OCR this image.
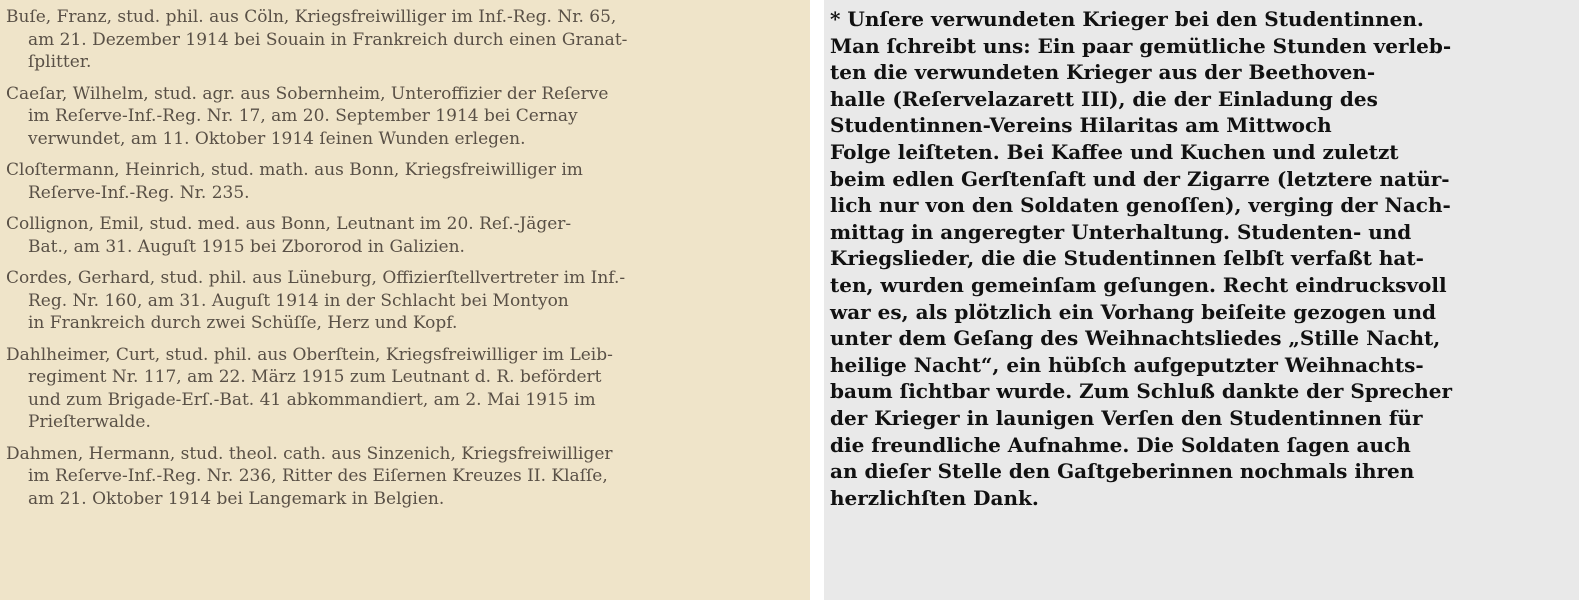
Buſe, Franz, stud. phil. aus Cöln, Kriegsfreiwilliger im Inf.-Reg. Nr. 65,
am 21. Dezember 1914 bei Souain in Frankreich durch einen Granat-
ſplitter.
Caeſar, Wilhelm, stud. agr. aus Sobernheim, Unteroffizier der Reſerve
im Reſerve-Inf.-Reg. Nr. 17, am 20. September 1914 bei Cernay
verwundet, am 11. Oktober 1914 ſeinen Wunden erlegen.
Cloſtermann, Heinrich, stud. math. aus Bonn, Kriegsfreiwilliger im
Reſerve-Inf.-Reg. Nr. 235.
Collignon, Emil, stud. med. aus Bonn, Leutnant im 20. Reſ.-Jäger-
Bat., am 31. Auguſt 1915 bei Zbororod in Galizien.
Cordes, Gerhard, stud. phil. aus Lüneburg, Offizierſtellvertreter im Inf.-
Reg. Nr. 160, am 31. Auguſt 1914 in der Schlacht bei Montyon
in Frankreich durch zwei Schüſſe, Herz und Kopf.
Dahlheimer, Curt, stud. phil. aus Oberſtein, Kriegsfreiwilliger im Leib-
regiment Nr. 117, am 22. März 1915 zum Leutnant d. R. befördert
und zum Brigade-Erſ.-Bat. 41 abkommandiert, am 2. Mai 1915 im
Prieſterwalde.
Dahmen, Hermann, stud. theol. cath. aus Sinzenich, Kriegsfreiwilliger
im Reſerve-Inf.-Reg. Nr. 236, Ritter des Eiſernen Kreuzes II. Klaſſe,
am 21. Oktober 1914 bei Langemark in Belgien.
* Unſere verwundeten Krieger bei den Studentinnen.
Man ſchreibt uns: Ein paar gemütliche Stunden verleb-
ten die verwundeten Krieger aus der Beethoven-
halle (Reſervelazarett III), die der Einladung des
Studentinnen-Vereins Hilaritas am Mittwoch
Folge leiſteten. Bei Kaffee und Kuchen und zuletzt
beim edlen Gerſtenſaft und der Zigarre (letztere natür-
lich nur von den Soldaten genoſſen), verging der Nach-
mittag in angeregter Unterhaltung. Studenten- und
Kriegslieder, die die Studentinnen ſelbſt verfaßt hat-
ten, wurden gemeinſam geſungen. Recht eindrucksvoll
war es, als plötzlich ein Vorhang beiſeite gezogen und
unter dem Geſang des Weihnachtsliedes „Stille Nacht,
heilige Nacht“, ein hübſch aufgeputzter Weihnachts-
baum ſichtbar wurde. Zum Schluß dankte der Sprecher
der Krieger in launigen Verſen den Studentinnen für
die freundliche Aufnahme. Die Soldaten ſagen auch
an dieſer Stelle den Gaſtgeberinnen nochmals ihren
herzlichſten Dank.
